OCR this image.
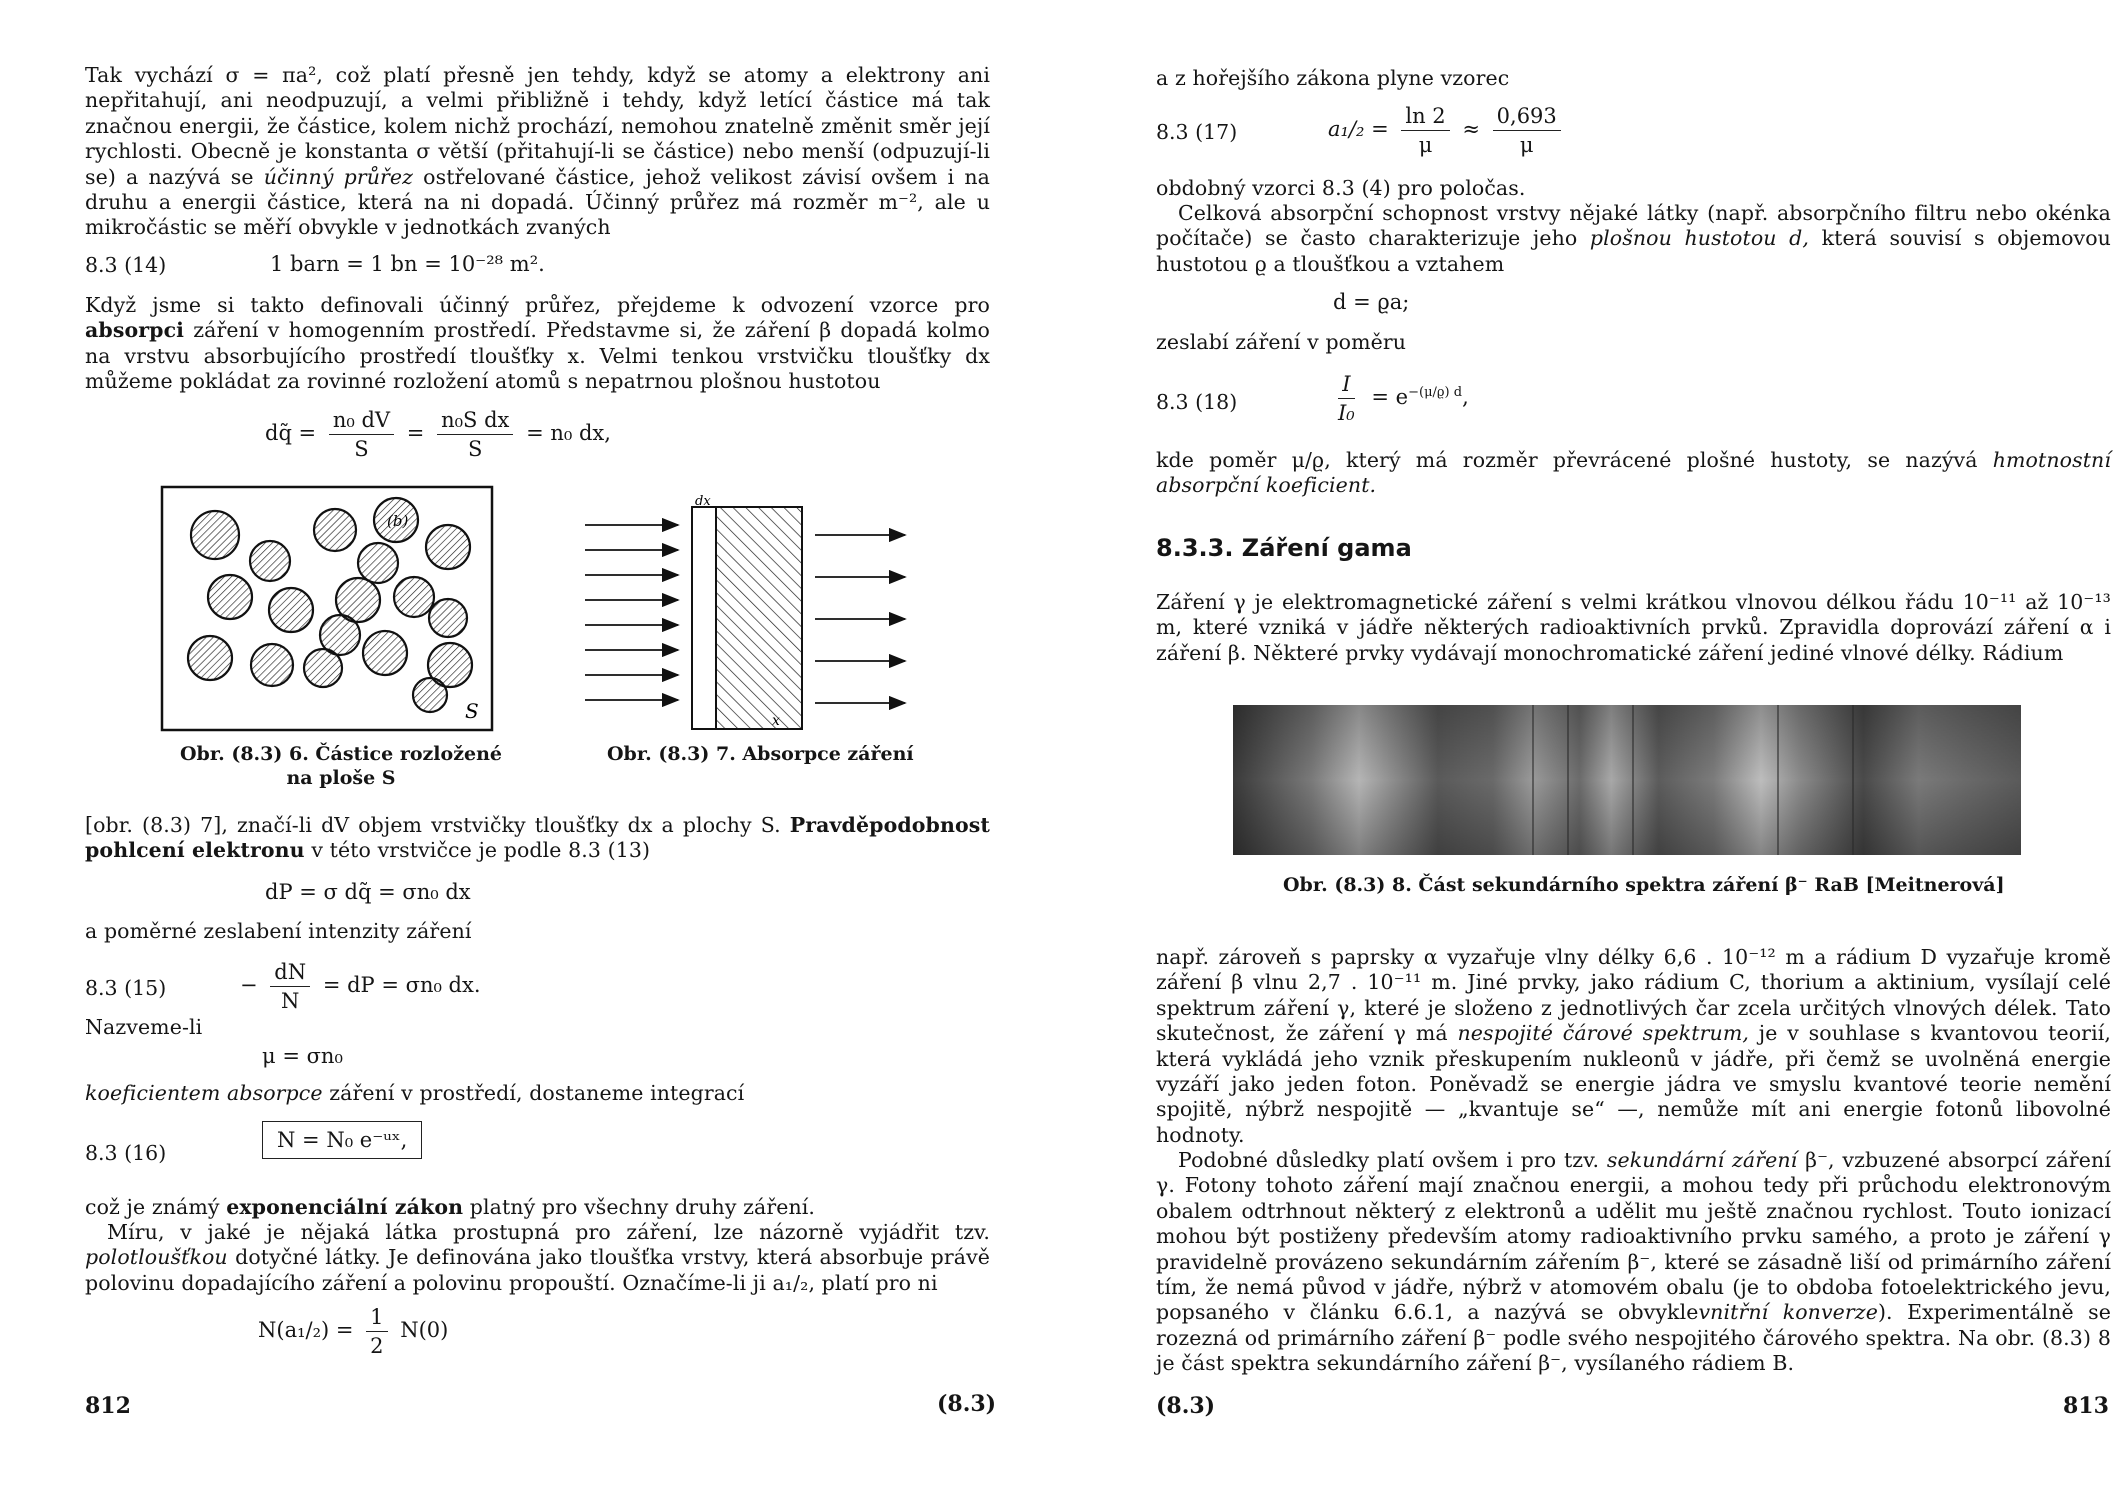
Tak vychází σ = πa², což platí přesně jen tehdy, když se atomy a elektrony ani nepřitahují, ani neodpuzují, a velmi přibližně i tehdy, když letící částice má tak značnou energii, že částice, kolem nichž prochází, nemohou znatelně změnit směr její rychlosti. Obecně je konstanta σ větší (přitahují-li se částice) nebo menší (odpuzují-li se) a nazývá se účinný průřez ostřelované částice, jehož velikost závisí ovšem i na druhu a energii částice, která na ni dopadá. Účinný průřez má rozměr m⁻², ale u mikročástic se měří obvykle v jednotkách zvaných

8.3 (14)	1 barn = 1 bn = 10⁻²⁸ m².

Když jsme si takto definovali účinný průřez, přejdeme k odvození vzorce pro absorpci záření v homogenním prostředí. Představme si, že záření β dopadá kolmo na vrstvu absorbujícího prostředí tloušťky x. Velmi tenkou vrstvičku tloušťky dx můžeme pokládat za rovinné rozložení atomů s nepatrnou plošnou hustotou

dq̃ = $\frac{\text{n₀ dV}}{S} = \frac{\text{n₀S dx}}{S} = n_0$ dx,
(b)
S
dx
x
Obr. (8.3) 6. Částice rozložené
na ploše S
Obr. (8.3) 7. Absorpce záření

[obr. (8.3) 7], značí-li dV objem vrstvičky tloušťky dx a plochy S. Pravděpodobnost pohlcení elektronu v této vrstvičce je podle 8.3 (13)

dP = σ dq̃ = σn₀ dx

a poměrné zeslabení intenzity záření

8.3 (15)	− $\frac{dN}{N}$ = dP = σn₀ dx.

Nazveme-li

μ = σn₀

koeficientem absorpce záření v prostředí, dostaneme integrací

8.3 (16)
N = N₀ e⁻ᵘˣ,

což je známý exponenciální zákon platný pro všechny druhy záření.

Míru, v jaké je nějaká látka prostupná pro záření, lze názorně vyjádřit tzv. polotloušťkou dotyčné látky. Je definována jako tloušťka vrstvy, která absorbuje právě polovinu dopadajícího záření a polovinu propouští. Označíme-li ji a₁/₂, platí pro ni

$N(a_1/_2) = \frac{1}{2} N(0)$
812	(8.3)

a z hořejšího zákona plyne vzorec

8.3 (17)	$a_1/_2 = \frac{\ln 2}{\mu} \approx \frac{0,693}{\mu}$

obdobný vzorci 8.3 (4) pro poločas.

Celková absorpční schopnost vrstvy nějaké látky (např. absorpčního filtru nebo okénka počítače) se často charakterizuje jeho plošnou hustotou d, která souvisí s objemovou hustotou ϱ a tloušťkou a vztahem

d = ϱa;

zeslabí záření v poměru

8.3 (18)	$\frac{I}{\text{I₀}} = e^{-(\mu/ϱ) d}$,

kde poměr μ/ϱ, který má rozměr převrácené plošné hustoty, se nazývá hmotnostní absorpční koeficient.

8.3.3. Záření gama

Záření γ je elektromagnetické záření s velmi krátkou vlnovou délkou řádu 10⁻¹¹ až 10⁻¹³ m, které vzniká v jádře některých radioaktivních prvků. Zpravidla doprovází záření α i záření β. Některé prvky vydávají monochromatické záření jediné vlnové délky. Rádium

Obr. (8.3) 8. Část sekundárního spektra záření β⁻ RaB [Meitnerová]

např. zároveň s paprsky α vyzařuje vlny délky 6,6 . 10⁻¹² m a rádium D vyzařuje kromě záření β vlnu 2,7 . 10⁻¹¹ m. Jiné prvky, jako rádium C, thorium a aktinium, vysílají celé spektrum záření γ, které je složeno z jednotlivých čar zcela určitých vlnových délek. Tato skutečnost, že záření γ má nespojité čárové spektrum, je v souhlase s kvantovou teorií, která vykládá jeho vznik přeskupením nukleonů v jádře, při čemž se uvolněná energie vyzáří jako jeden foton. Poněvadž se energie jádra ve smyslu kvantové teorie nemění spojitě, nýbrž nespojitě — „kvantuje se“ —, nemůže mít ani energie fotonů libovolné hodnoty.

Podobné důsledky platí ovšem i pro tzv. sekundární záření β⁻, vzbuzené absorpcí záření γ. Fotony tohoto záření mají značnou energii, a mohou tedy při průchodu elektronovým obalem odtrhnout některý z elektronů a udělit mu ještě značnou rychlost. Touto ionizací mohou být postiženy především atomy radioaktivního prvku samého, a proto je záření γ pravidelně provázeno sekundárním zářením β⁻, které se zásadně liší od primárního záření tím, že nemá původ v jádře, nýbrž v atomovém obalu (je to obdoba fotoelektrického jevu, popsaného v článku 6.6.1, a nazývá se obvyklevnitřní konverze). Experimentálně se rozezná od primárního záření β⁻ podle svého nespojitého čárového spektra. Na obr. (8.3) 8 je část spektra sekundárního záření β⁻, vysílaného rádiem B.

(8.3)	813
